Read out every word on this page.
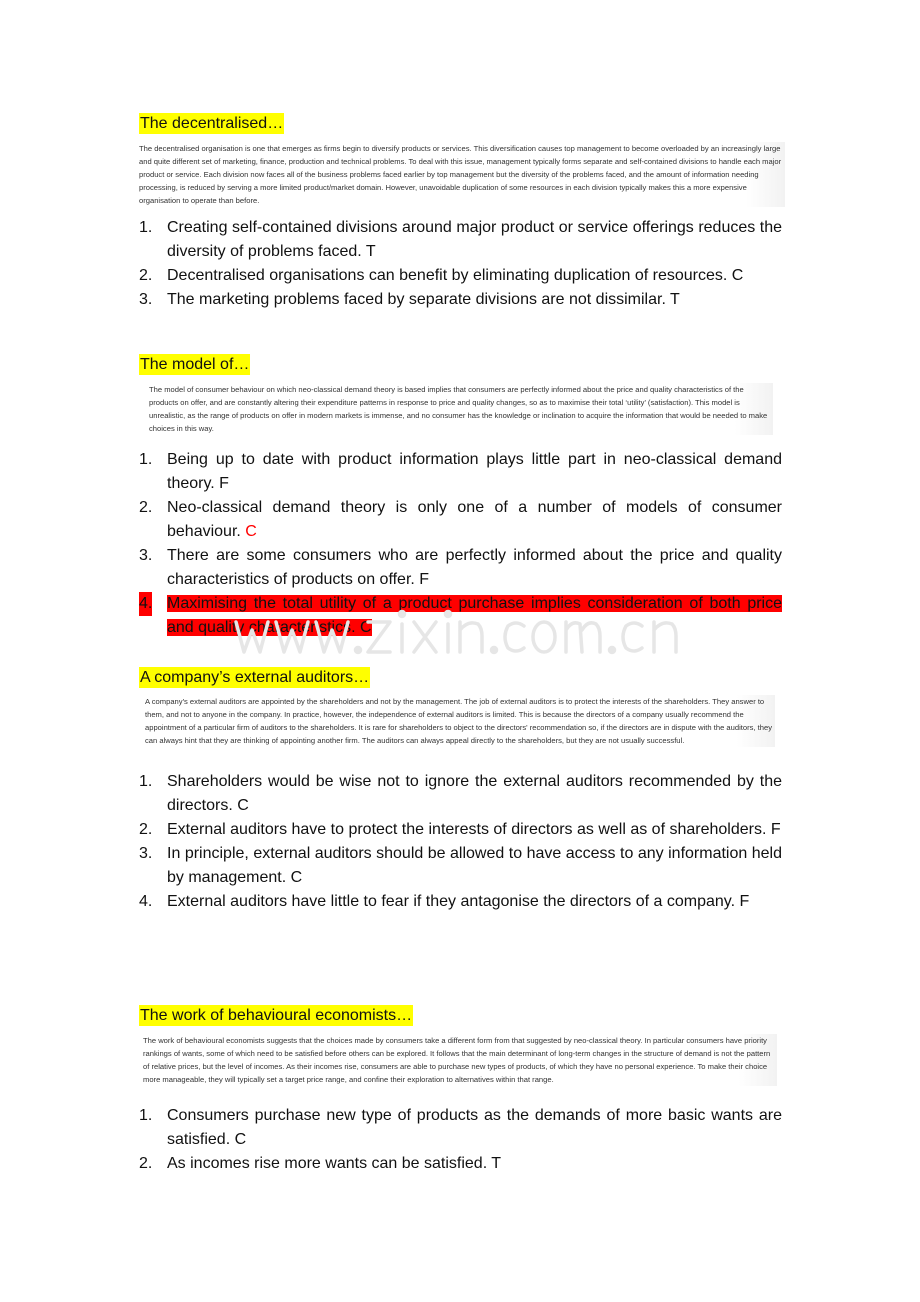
The decentralised…

The decentralised organisation is one that emerges as firms begin to diversify products or services. This diversification causes top management to become overloaded by an increasingly large and quite different set of marketing, finance, production and technical problems. To deal with this issue, management typically forms separate and self-contained divisions to handle each major product or service. Each division now faces all of the business problems faced earlier by top management but the diversity of the problems faced, and the amount of information needing processing, is reduced by serving a more limited product/market domain. However, unavoidable duplication of some resources in each division typically makes this a more expensive organisation to operate than before.

1. Creating self-contained divisions around major product or service offerings reduces the diversity of problems faced. T
2. Decentralised organisations can benefit by eliminating duplication of resources. C
3. The marketing problems faced by separate divisions are not dissimilar. T

The model of…

The model of consumer behaviour on which neo-classical demand theory is based implies that consumers are perfectly informed about the price and quality characteristics of the products on offer, and are constantly altering their expenditure patterns in response to price and quality changes, so as to maximise their total ‘utility’ (satisfaction). This model is unrealistic, as the range of products on offer in modern markets is immense, and no consumer has the knowledge or inclination to acquire the information that would be needed to make choices in this way.

1. Being up to date with product information plays little part in neo-classical demand theory. F
2. Neo-classical demand theory is only one of a number of models of consumer behaviour. C
3. There are some consumers who are perfectly informed about the price and quality characteristics of products on offer. F
4. Maximising the total utility of a product purchase implies consideration of both price and quality characteristics. C

A company’s external auditors…

A company's external auditors are appointed by the shareholders and not by the management. The job of external auditors is to protect the interests of the shareholders. They answer to them, and not to anyone in the company. In practice, however, the independence of external auditors is limited. This is because the directors of a company usually recommend the appointment of a particular firm of auditors to the shareholders. It is rare for shareholders to object to the directors' recommendation so, if the directors are in dispute with the auditors, they can always hint that they are thinking of appointing another firm. The auditors can always appeal directly to the shareholders, but they are not usually successful.

1. Shareholders would be wise not to ignore the external auditors recommended by the directors. C
2. External auditors have to protect the interests of directors as well as of shareholders. F
3. In principle, external auditors should be allowed to have access to any information held by management. C
4. External auditors have little to fear if they antagonise the directors of a company. F

The work of behavioural economists…

The work of behavioural economists suggests that the choices made by consumers take a different form from that suggested by neo-classical theory. In particular consumers have priority rankings of wants, some of which need to be satisfied before others can be explored. It follows that the main determinant of long-term changes in the structure of demand is not the pattern of relative prices, but the level of incomes. As their incomes rise, consumers are able to purchase new types of products, of which they have no personal experience. To make their choice more manageable, they will typically set a target price range, and confine their exploration to alternatives within that range.

1. Consumers purchase new type of products as the demands of more basic wants are satisfied. C
2. As incomes rise more wants can be satisfied. T
